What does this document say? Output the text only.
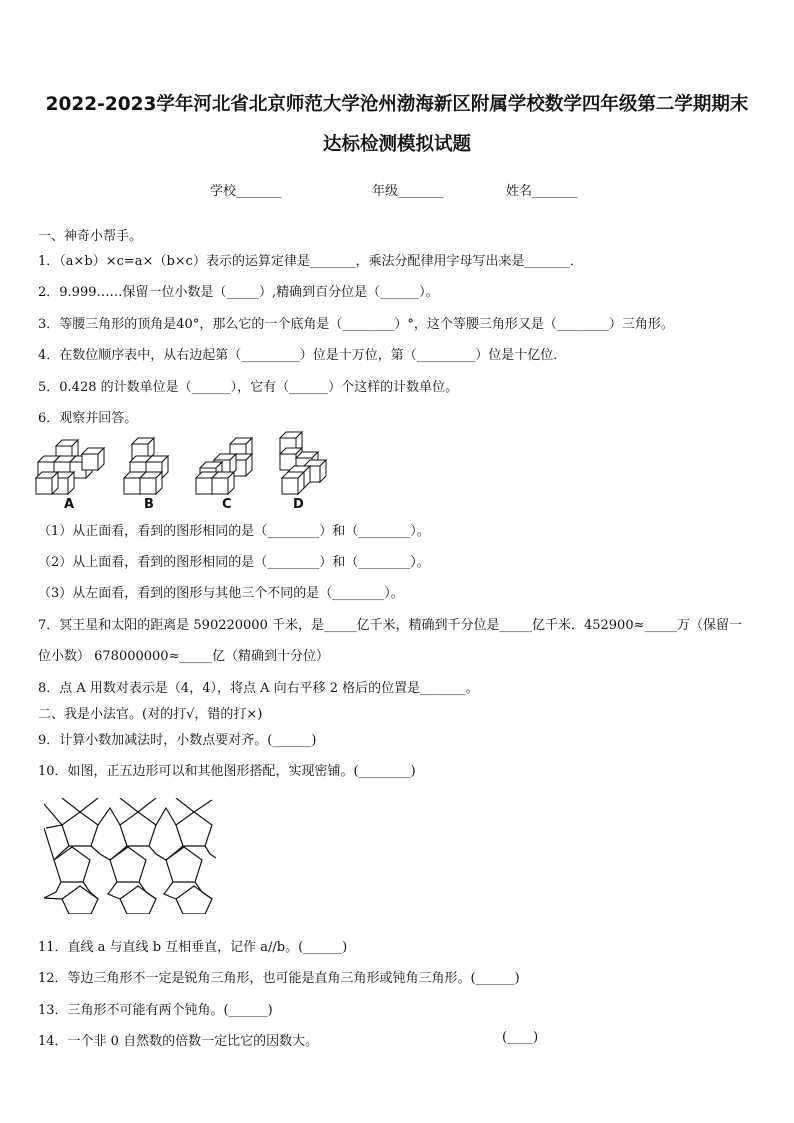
2022-2023学年河北省北京师范大学沧州渤海新区附属学校数学四年级第二学期期末
达标检测模拟试题
学校_______	年级_______	姓名_______
一、神奇小帮手。
1．（a×b）×c=a×（b×c）表示的运算定律是_______，乘法分配律用字母写出来是_______．
2．9.999……保留一位小数是（_____）,精确到百分位是（______）。
3．等腰三角形的顶角是40°，那么它的一个底角是（________）°，这个等腰三角形又是（________）三角形。
4．在数位顺序表中，从右边起第（_________）位是十万位，第（_________）位是十亿位．
5．0.428 的计数单位是（______），它有（______）个这样的计数单位。
6．观察并回答。
A	B	C	D
（1）从正面看，看到的图形相同的是（________）和（________）。
（2）从上面看，看到的图形相同的是（________）和（________）。
（3）从左面看，看到的图形与其他三个不同的是（________）。
7．冥王星和太阳的距离是 590220000 千米，是_____亿千米，精确到千分位是_____亿千米．452900≈_____万（保留一
位小数） 678000000≈_____亿（精确到十分位）
8．点 A 用数对表示是（4，4），将点 A 向右平移 2 格后的位置是_______。
二、我是小法官。(对的打√，错的打×)
9．计算小数加减法时，小数点要对齐。(______)
10．如图，正五边形可以和其他图形搭配，实现密铺。(________)
11．直线 a 与直线 b 互相垂直，记作 a//b。(______)
12．等边三角形不一定是锐角三角形，也可能是直角三角形或钝角三角形。(______)
13．三角形不可能有两个钝角。(______)
14．一个非 0 自然数的倍数一定比它的因数大。	(____)
